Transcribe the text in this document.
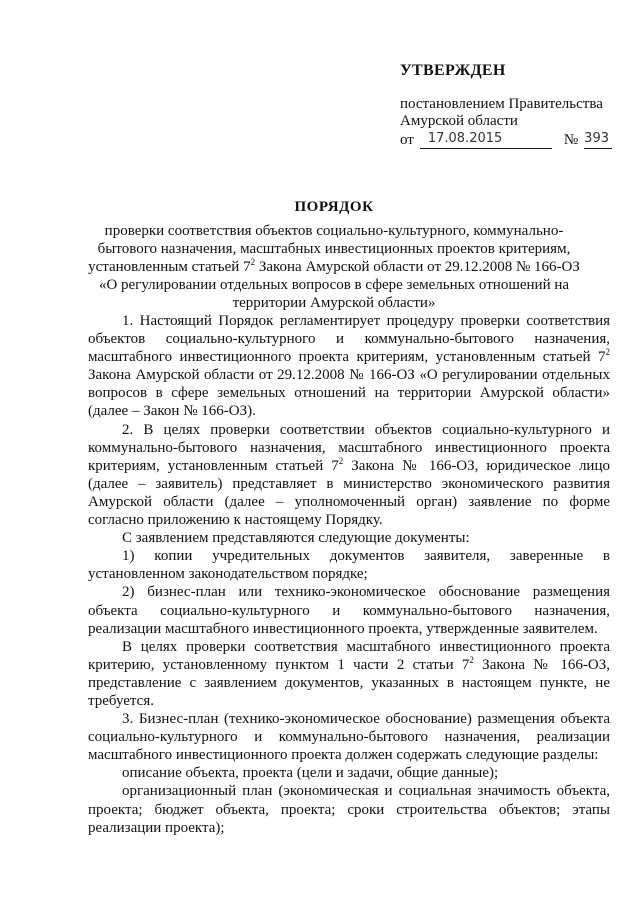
УТВЕРЖДЕН
постановлением Правительства
Амурской области
от	17.08.2015	№ 393
ПОРЯДОК
проверки соответствия объектов социально-культурного, коммунально-
бытового назначения, масштабных инвестиционных проектов критериям,
установленным статьей $7^2$ Закона Амурской области от 29.12.2008 № 166-ОЗ
«О регулировании отдельных вопросов в сфере земельных отношений на
территории Амурской области»

1. Настоящий Порядок регламентирует процедуру проверки соответствия объектов социально-культурного и коммунально-бытового назначения, масштабного инвестиционного проекта критериям, установленным статьей $7^2$ Закона Амурской области от 29.12.2008 № 166-ОЗ «О регулировании отдельных вопросов в сфере земельных отношений на территории Амурской области» (далее – Закон № 166-ОЗ).

2. В целях проверки соответствии объектов социально-культурного и коммунально-бытового назначения, масштабного инвестиционного проекта критериям, установленным статьей $7^2$ Закона № 166-ОЗ, юридическое лицо (далее – заявитель) представляет в министерство экономического развития Амурской области (далее – уполномоченный орган) заявление по форме согласно приложению к настоящему Порядку.

С заявлением представляются следующие документы:

1) копии учредительных документов заявителя, заверенные в установленном законодательством порядке;

2) бизнес-план или технико-экономическое обоснование размещения объекта социально-культурного и коммунально-бытового назначения, реализации масштабного инвестиционного проекта, утвержденные заявителем.

В целях проверки соответствия масштабного инвестиционного проекта критерию, установленному пунктом 1 части 2 статьи $7^2$ Закона № 166-ОЗ, представление с заявлением документов, указанных в настоящем пункте, не требуется.

3. Бизнес-план (технико-экономическое обоснование) размещения объекта социально-культурного и коммунально-бытового назначения, реализации масштабного инвестиционного проекта должен содержать следующие разделы:

описание объекта, проекта (цели и задачи, общие данные);

организационный план (экономическая и социальная значимость объекта, проекта; бюджет объекта, проекта; сроки строительства объектов; этапы реализации проекта);
